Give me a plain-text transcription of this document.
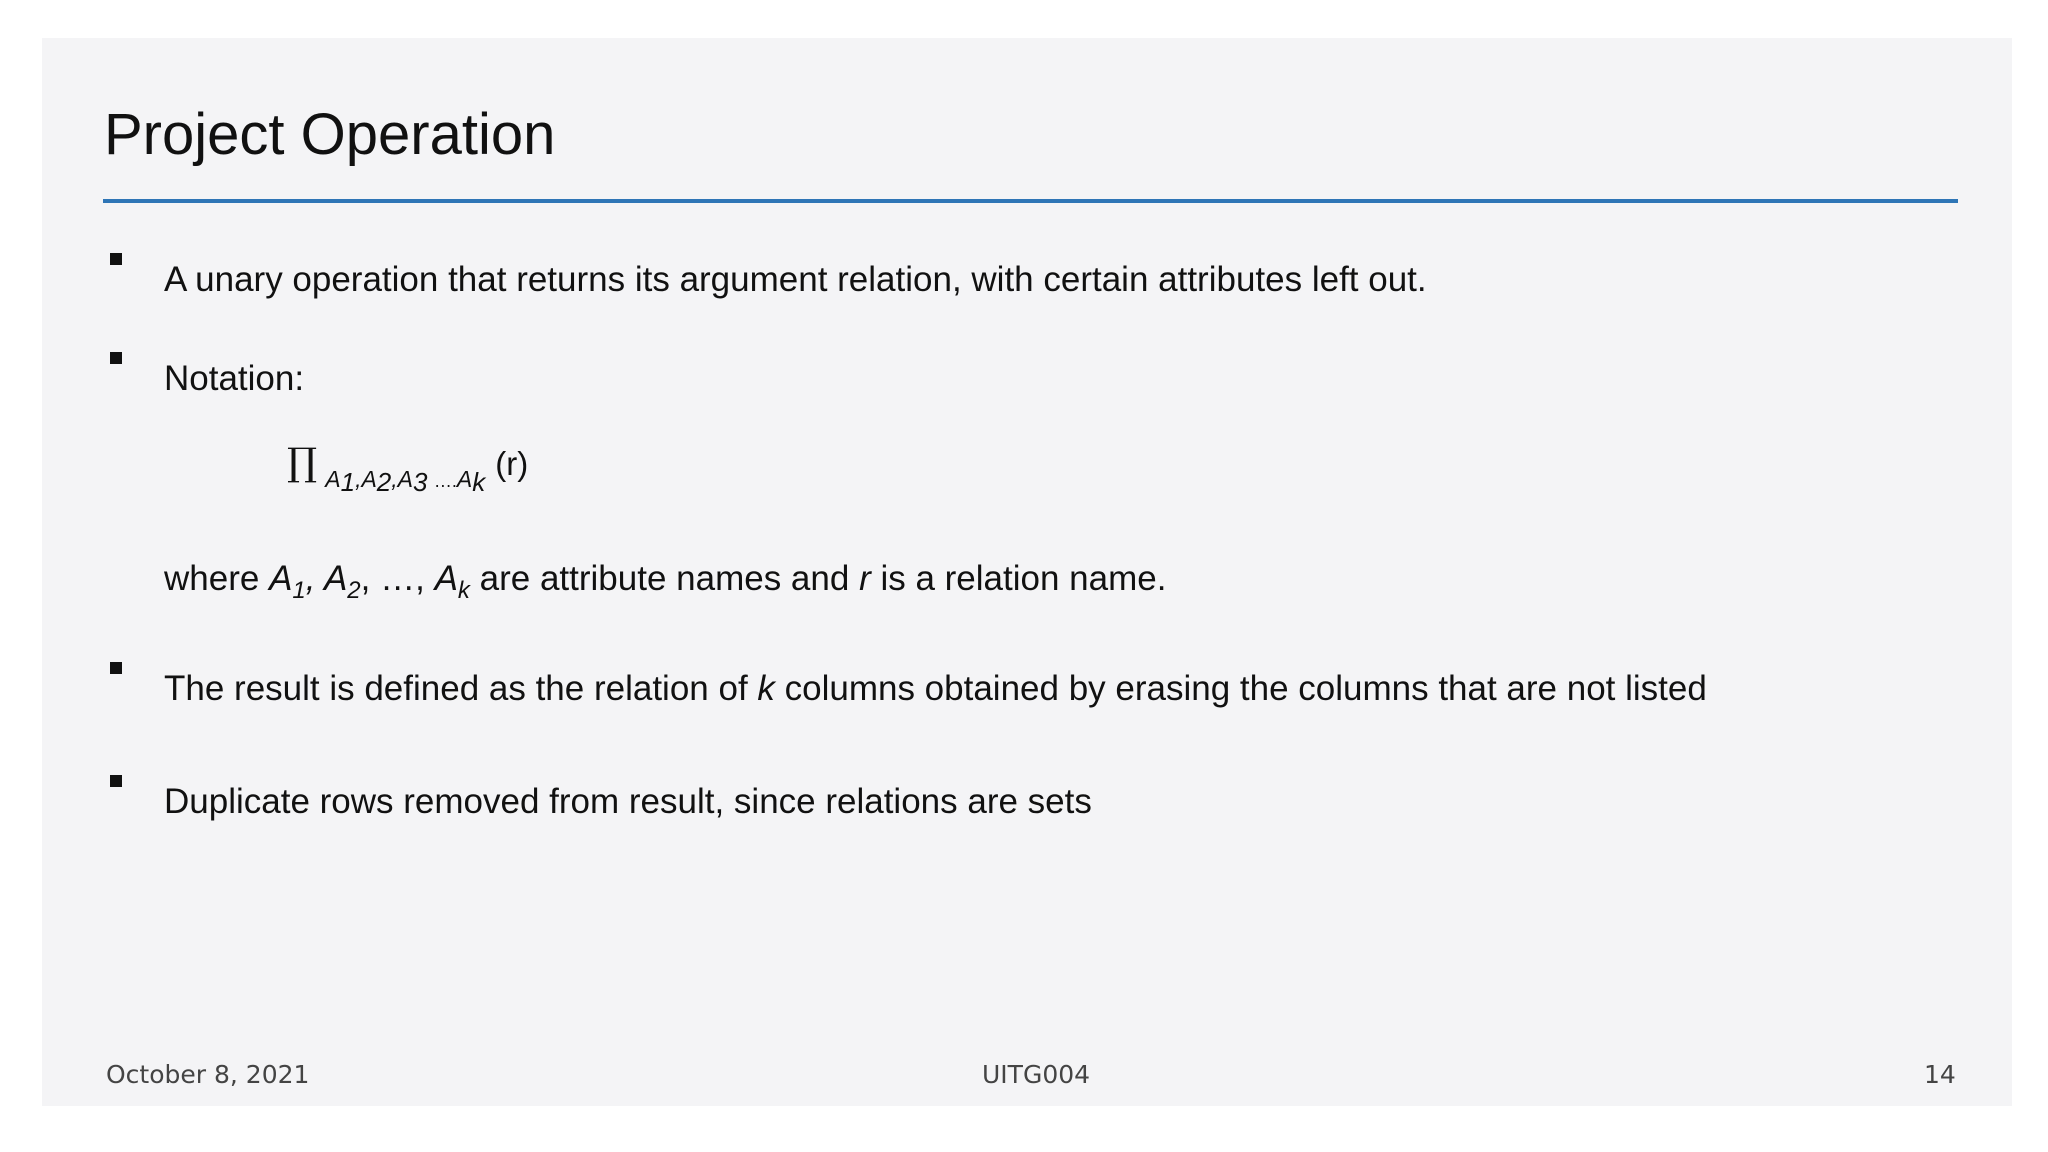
Project Operation
A unary operation that returns its argument relation, with certain attributes left out.
Notation:
∏ $A_1,A_2,A_3$ $\dots.A_k$ (r)
where $A_1$, $A_2$, …, $A_k$ are attribute names and r is a relation name.
The result is defined as the relation of k columns obtained by erasing the columns that are not listed
Duplicate rows removed from result, since relations are sets
October 8, 2021	UITG004	14
